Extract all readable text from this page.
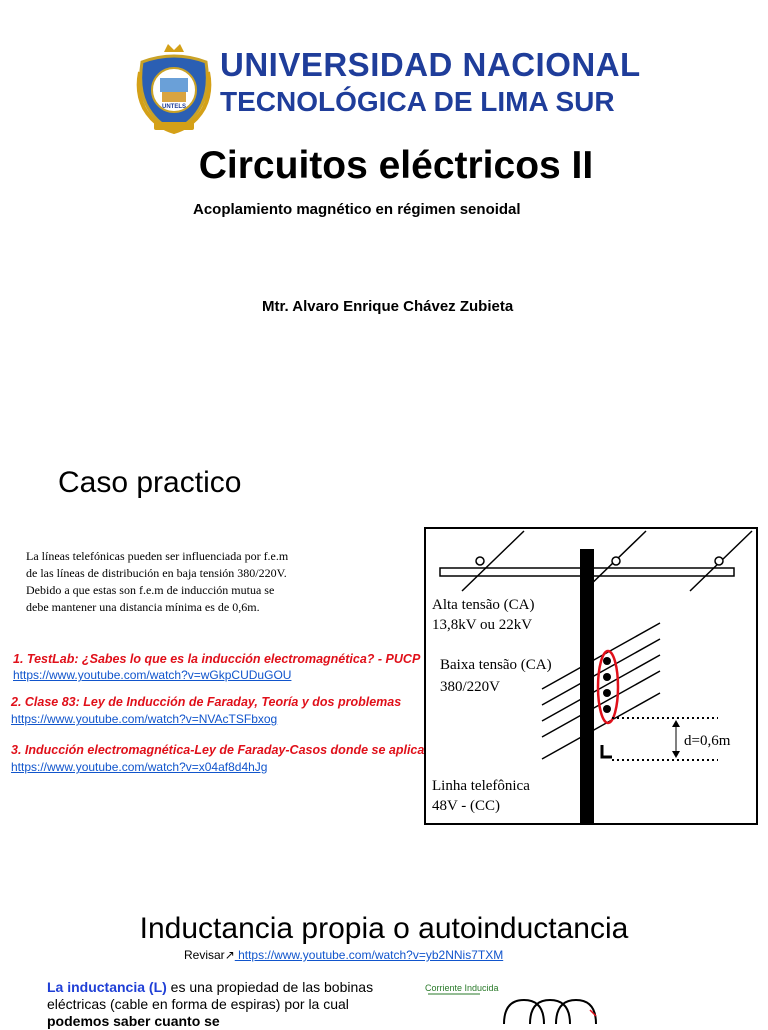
UNTELS
UNIVERSIDAD NACIONAL
TECNOLÓGICA DE LIMA SUR
Circuitos eléctricos II
Acoplamiento magnético en régimen senoidal
Mtr. Alvaro Enrique Chávez Zubieta
Caso practico
La líneas telefónicas pueden ser influenciada por f.e.m
de las líneas de distribución en baja tensión 380/220V.
Debido a que estas son f.e.m de inducción mutua se
debe mantener una distancia mínima es de 0,6m.
1. TestLab: ¿Sabes lo que es la inducción electromagnética? - PUCP
https://www.youtube.com/watch?v=wGkpCUDuGOU
2. Clase 83: Ley de Inducción de Faraday, Teoría y dos problemas
https://www.youtube.com/watch?v=NVAcTSFbxog
3. Inducción electromagnética-Ley de Faraday-Casos donde se aplica
https://www.youtube.com/watch?v=x04af8d4hJg
Alta tensão (CA)
13,8kV ou 22kV
Baixa tensão (CA)
380/220V
d=0,6m
Linha telefônica
48V - (CC)
Inductancia propia o autoinductancia
Revisar↗ https://www.youtube.com/watch?v=yb2NNis7TXM
La inductancia (L) es una propiedad de las bobinas eléctricas (cable en forma de espiras) por la cual podemos saber cuanto se
Corriente Inducida
